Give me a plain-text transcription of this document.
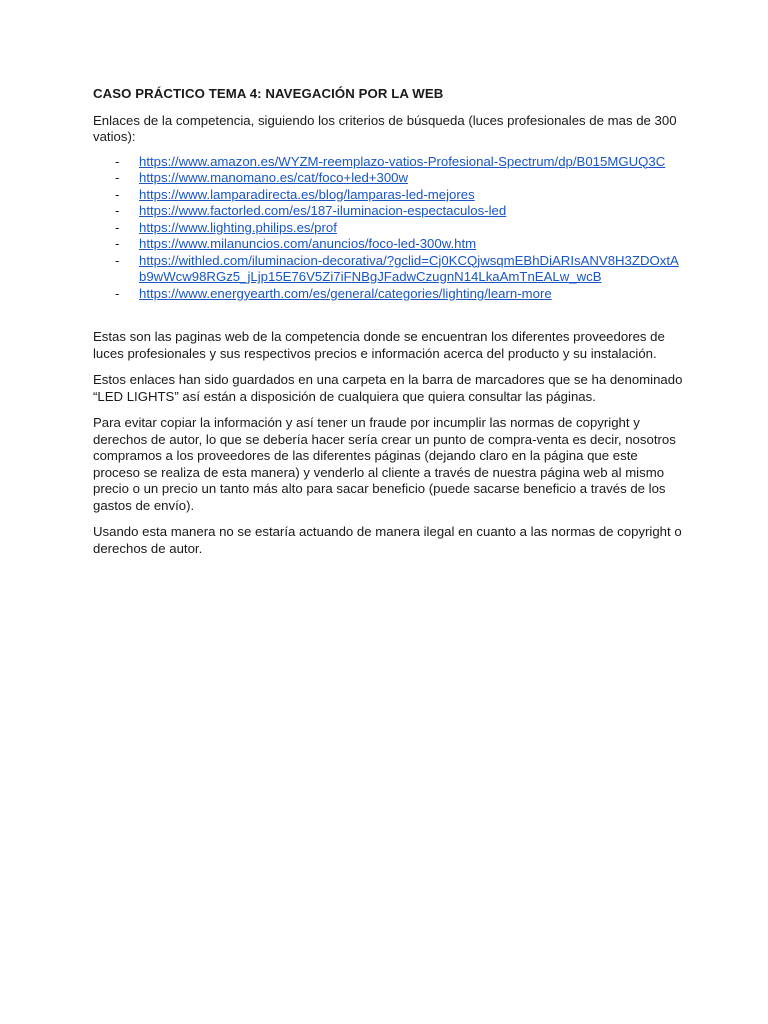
CASO PRÁCTICO TEMA 4: NAVEGACIÓN POR LA WEB

Enlaces de la competencia, siguiendo los criterios de búsqueda (luces profesionales de mas de 300 vatios):

- https://www.amazon.es/WYZM-reemplazo-vatios-Profesional-Spectrum/dp/B015MGUQ3C
- https://www.manomano.es/cat/foco+led+300w
- https://www.lamparadirecta.es/blog/lamparas-led-mejores
- https://www.factorled.com/es/187-iluminacion-espectaculos-led
- https://www.lighting.philips.es/prof
- https://www.milanuncios.com/anuncios/foco-led-300w.htm
- https://withled.com/iluminacion-decorativa/?gclid=Cj0KCQjwsqmEBhDiARIsANV8H3ZDOxtAb9wWcw98RGz5_jLjp15E76V5Zi7iFNBgJFadwCzugnN14LkaAmTnEALw_wcB
- https://www.energyearth.com/es/general/categories/lighting/learn-more

Estas son las paginas web de la competencia donde se encuentran los diferentes proveedores de luces profesionales y sus respectivos precios e información acerca del producto y su instalación.

Estos enlaces han sido guardados en una carpeta en la barra de marcadores que se ha denominado “LED LIGHTS” así están a disposición de cualquiera que quiera consultar las páginas.

Para evitar copiar la información y así tener un fraude por incumplir las normas de copyright y derechos de autor, lo que se debería hacer sería crear un punto de compra-venta es decir, nosotros compramos a los proveedores de las diferentes páginas (dejando claro en la página que este proceso se realiza de esta manera) y venderlo al cliente a través de nuestra página web al mismo precio o un precio un tanto más alto para sacar beneficio (puede sacarse beneficio a través de los gastos de envío).

Usando esta manera no se estaría actuando de manera ilegal en cuanto a las normas de copyright o derechos de autor.
